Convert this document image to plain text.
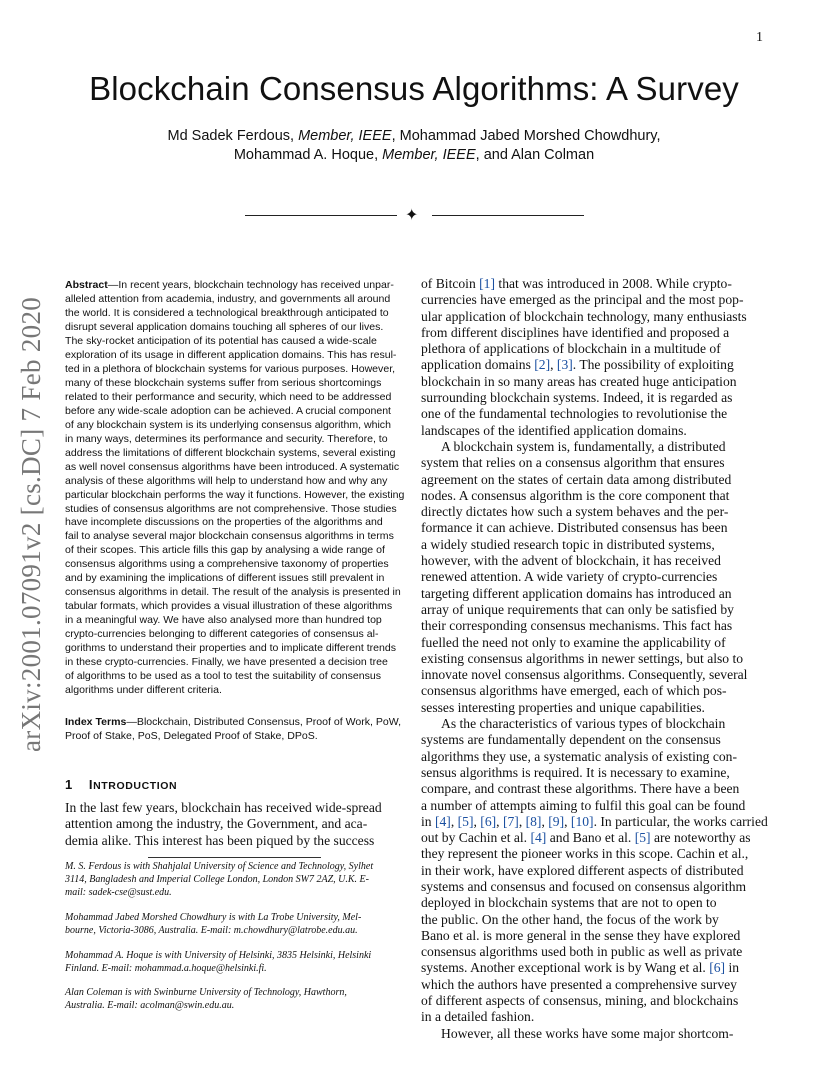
1
Blockchain Consensus Algorithms: A Survey
Md Sadek Ferdous, Member, IEEE, Mohammad Jabed Morshed Chowdhury,
Mohammad A. Hoque, Member, IEEE, and Alan Colman
✦
arXiv:2001.07091v2 [cs.DC] 7 Feb 2020
Abstract—In recent years, blockchain technology has received unpar-
alleled attention from academia, industry, and governments all around
the world. It is considered a technological breakthrough anticipated to
disrupt several application domains touching all spheres of our lives.
The sky-rocket anticipation of its potential has caused a wide-scale
exploration of its usage in different application domains. This has resul-
ted in a plethora of blockchain systems for various purposes. However,
many of these blockchain systems suffer from serious shortcomings
related to their performance and security, which need to be addressed
before any wide-scale adoption can be achieved. A crucial component
of any blockchain system is its underlying consensus algorithm, which
in many ways, determines its performance and security. Therefore, to
address the limitations of different blockchain systems, several existing
as well novel consensus algorithms have been introduced. A systematic
analysis of these algorithms will help to understand how and why any
particular blockchain performs the way it functions. However, the existing
studies of consensus algorithms are not comprehensive. Those studies
have incomplete discussions on the properties of the algorithms and
fail to analyse several major blockchain consensus algorithms in terms
of their scopes. This article fills this gap by analysing a wide range of
consensus algorithms using a comprehensive taxonomy of properties
and by examining the implications of different issues still prevalent in
consensus algorithms in detail. The result of the analysis is presented in
tabular formats, which provides a visual illustration of these algorithms
in a meaningful way. We have also analysed more than hundred top
crypto-currencies belonging to different categories of consensus al-
gorithms to understand their properties and to implicate different trends
in these crypto-currencies. Finally, we have presented a decision tree
of algorithms to be used as a tool to test the suitability of consensus
algorithms under different criteria.
Index Terms—Blockchain, Distributed Consensus, Proof of Work, PoW,
Proof of Stake, PoS, Delegated Proof of Stake, DPoS.
1 INTRODUCTION
In the last few years, blockchain has received wide-spread
attention among the industry, the Government, and aca-
demia alike. This interest has been piqued by the success
M. S. Ferdous is with Shahjalal University of Science and Technology, Sylhet
3114, Bangladesh and Imperial College London, London SW7 2AZ, U.K. E-
mail: sadek-cse@sust.edu.
Mohammad Jabed Morshed Chowdhury is with La Trobe University, Mel-
bourne, Victoria-3086, Australia. E-mail: m.chowdhury@latrobe.edu.au.
Mohammad A. Hoque is with University of Helsinki, 3835 Helsinki, Helsinki
Finland. E-mail: mohammad.a.hoque@helsinki.fi.
Alan Coleman is with Swinburne University of Technology, Hawthorn,
Australia. E-mail: acolman@swin.edu.au.
of Bitcoin [1] that was introduced in 2008. While crypto-
currencies have emerged as the principal and the most pop-
ular application of blockchain technology, many enthusiasts
from different disciplines have identified and proposed a
plethora of applications of blockchain in a multitude of
application domains [2], [3]. The possibility of exploiting
blockchain in so many areas has created huge anticipation
surrounding blockchain systems. Indeed, it is regarded as
one of the fundamental technologies to revolutionise the
landscapes of the identified application domains.
A blockchain system is, fundamentally, a distributed
system that relies on a consensus algorithm that ensures
agreement on the states of certain data among distributed
nodes. A consensus algorithm is the core component that
directly dictates how such a system behaves and the per-
formance it can achieve. Distributed consensus has been
a widely studied research topic in distributed systems,
however, with the advent of blockchain, it has received
renewed attention. A wide variety of crypto-currencies
targeting different application domains has introduced an
array of unique requirements that can only be satisfied by
their corresponding consensus mechanisms. This fact has
fuelled the need not only to examine the applicability of
existing consensus algorithms in newer settings, but also to
innovate novel consensus algorithms. Consequently, several
consensus algorithms have emerged, each of which pos-
sesses interesting properties and unique capabilities.
As the characteristics of various types of blockchain
systems are fundamentally dependent on the consensus
algorithms they use, a systematic analysis of existing con-
sensus algorithms is required. It is necessary to examine,
compare, and contrast these algorithms. There have a been
a number of attempts aiming to fulfil this goal can be found
in [4], [5], [6], [7], [8], [9], [10]. In particular, the works carried
out by Cachin et al. [4] and Bano et al. [5] are noteworthy as
they represent the pioneer works in this scope. Cachin et al.,
in their work, have explored different aspects of distributed
systems and consensus and focused on consensus algorithm
deployed in blockchain systems that are not to open to
the public. On the other hand, the focus of the work by
Bano et al. is more general in the sense they have explored
consensus algorithms used both in public as well as private
systems. Another exceptional work is by Wang et al. [6] in
which the authors have presented a comprehensive survey
of different aspects of consensus, mining, and blockchains
in a detailed fashion.
However, all these works have some major shortcom-
